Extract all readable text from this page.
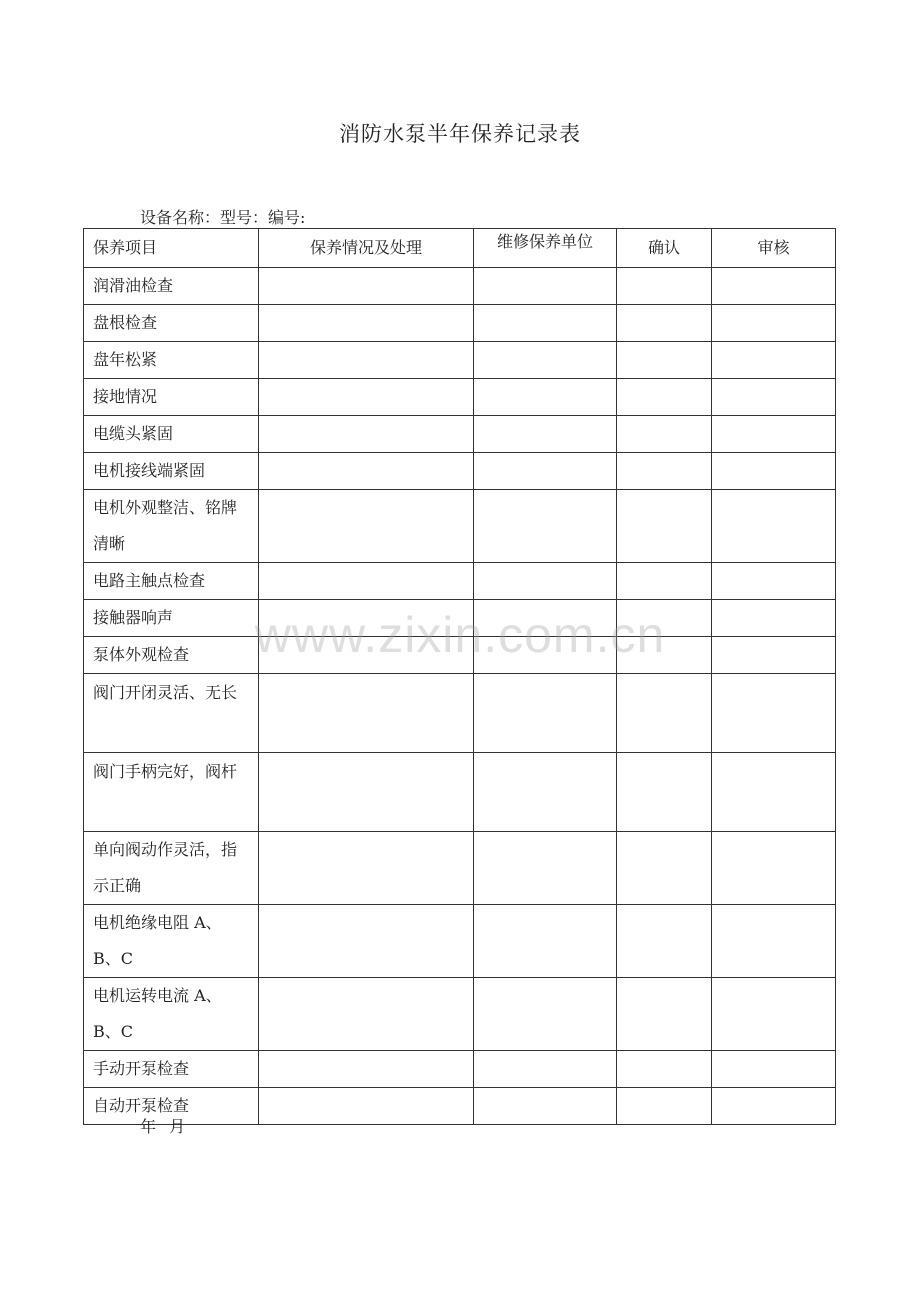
消防水泵半年保养记录表
设备名称：型号：编号:
保养项目	保养情况及处理	维修保养单位	确认	审核
润滑油检查				
盘根检查				
盘年松紧				
接地情况				
电缆头紧固				
电机接线端紧固				
电机外观整洁、铭牌 清晰				
电路主触点检查				
接触器响声				
泵体外观检查				

阀门开闭灵活、无长				

阀门手柄完好，阀杆				

单向阀动作灵活，指 示正确				
电机绝缘电阻 A、B、C				
电机运转电流 A、B、C				
手动开泵检查				
自动开泵检查				
年 月
www.zixin.com.cn
